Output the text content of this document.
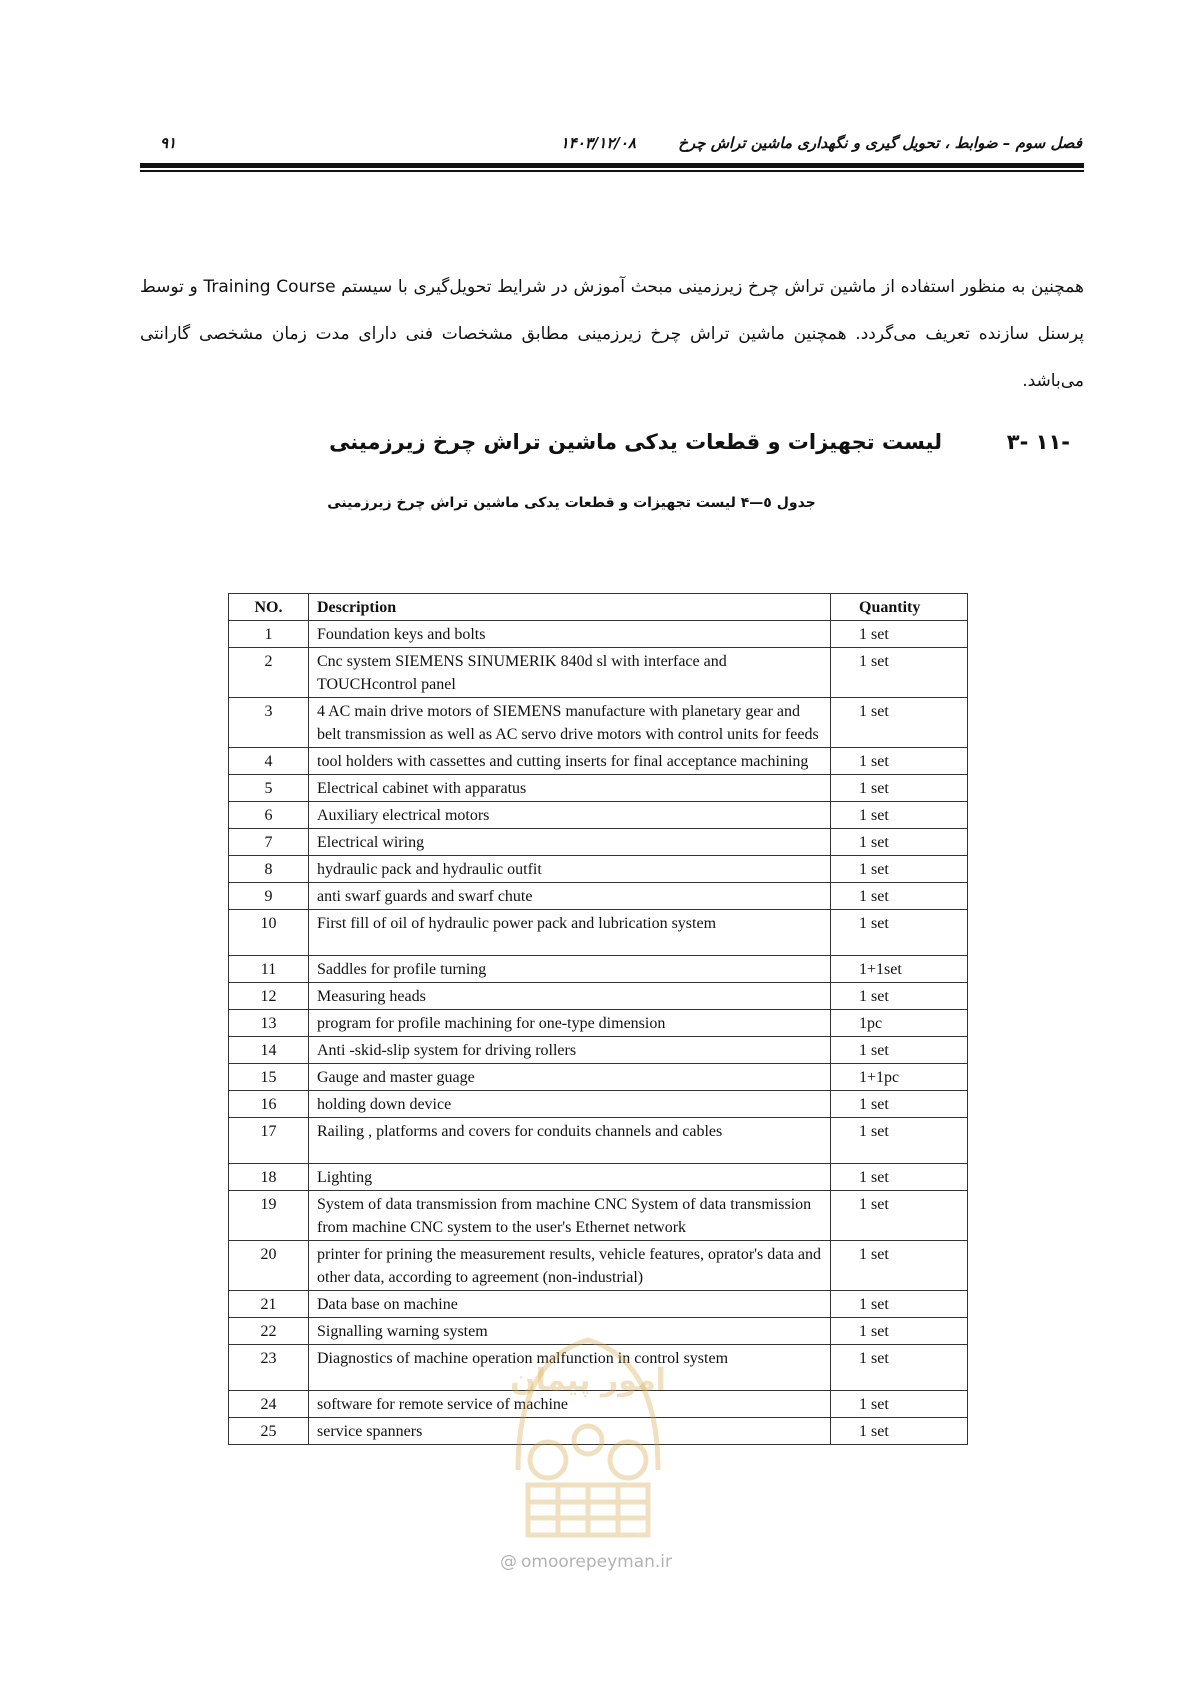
فصل سوم – ضوابط ، تحویل گیری و نگهداری ماشین تراش چرخ
۱۴۰۳/۱۲/۰۸
۹۱

همچنین به منظور استفاده از ماشین تراش چرخ زیرزمینی مبحث آموزش در شرایط تحویل‌گیری با سیستم Training Course و توسط پرسنل سازنده تعریف می‌گردد. همچنین ماشین تراش چرخ زیرزمینی مطابق مشخصات فنی دارای مدت زمان مشخصی گارانتی می‌باشد.

۳- ۱۱-
لیست تجهیزات و قطعات یدکی ماشین تراش چرخ زیرزمینی
جدول ٥—۴ لیست تجهیزات و قطعات یدکی ماشین تراش چرخ زیرزمینی
NO.	Description	Quantity
1	Foundation keys and bolts	1 set
2	Cnc system SIEMENS SINUMERIK 840d sl with interface and TOUCHcontrol panel	1 set
3	4 AC main drive motors of SIEMENS manufacture with planetary gear and belt transmission as well as AC servo drive motors with control units for feeds	1 set
4	tool holders with cassettes and cutting inserts for final acceptance machining	1 set
5	Electrical cabinet with apparatus	1 set
6	Auxiliary electrical motors	1 set
7	Electrical wiring	1 set
8	hydraulic pack and hydraulic outfit	1 set
9	anti swarf guards and swarf chute	1 set
10	First fill of oil of hydraulic power pack and lubrication system	1 set
11	Saddles for profile turning	1+1set
12	Measuring heads	1 set
13	program for profile machining for one-type dimension	1pc
14	Anti -skid-slip system for driving rollers	1 set
15	Gauge and master guage	1+1pc
16	holding down device	1 set
17	Railing , platforms and covers for conduits channels and cables	1 set
18	Lighting	1 set
19	System of data transmission from machine CNC System of data transmission from machine CNC system to the user's Ethernet network	1 set
20	printer for prining the measurement results, vehicle features, oprator's data and other data, according to agreement (non-industrial)	1 set
21	Data base on machine	1 set
22	Signalling warning system	1 set
23	Diagnostics of machine operation malfunction in control system	1 set
24	software for remote service of machine	1 set
25	service spanners	1 set
امور پیمان
@ omoorepeyman.ir
